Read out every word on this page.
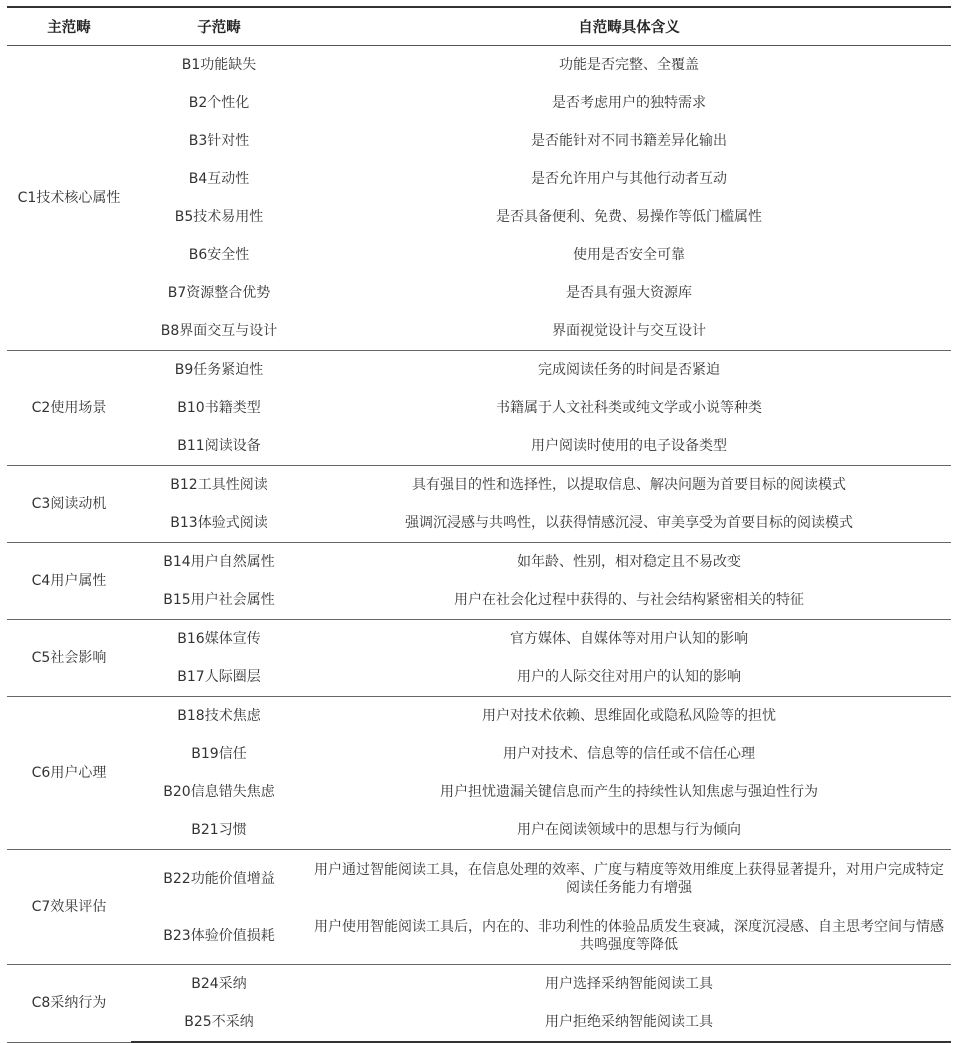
主范畴	子范畴	自范畴具体含义
C1技术核心属性	B1功能缺失	功能是否完整、全覆盖
	B2个性化	是否考虑用户的独特需求
	B3针对性	是否能针对不同书籍差异化输出
	B4互动性	是否允许用户与其他行动者互动
	B5技术易用性	是否具备便利、免费、易操作等低门槛属性
	B6安全性	使用是否安全可靠
	B7资源整合优势	是否具有强大资源库
	B8界面交互与设计	界面视觉设计与交互设计
C2使用场景	B9任务紧迫性	完成阅读任务的时间是否紧迫
	B10书籍类型	书籍属于人文社科类或纯文学或小说等种类
	B11阅读设备	用户阅读时使用的电子设备类型
C3阅读动机	B12工具性阅读	具有强目的性和选择性，以提取信息、解决问题为首要目标的阅读模式
	B13体验式阅读	强调沉浸感与共鸣性，以获得情感沉浸、审美享受为首要目标的阅读模式
C4用户属性	B14用户自然属性	如年龄、性别，相对稳定且不易改变
	B15用户社会属性	用户在社会化过程中获得的、与社会结构紧密相关的特征
C5社会影响	B16媒体宣传	官方媒体、自媒体等对用户认知的影响
	B17人际圈层	用户的人际交往对用户的认知的影响
C6用户心理	B18技术焦虑	用户对技术依赖、思维固化或隐私风险等的担忧
	B19信任	用户对技术、信息等的信任或不信任心理
	B20信息错失焦虑	用户担忧遗漏关键信息而产生的持续性认知焦虑与强迫性行为
	B21习惯	用户在阅读领域中的思想与行为倾向
C7效果评估	B22功能价值增益	用户通过智能阅读工具，在信息处理的效率、广度与精度等效用维度上获得显著提升，对用户完成特定阅读任务能力有增强
	B23体验价值损耗	用户使用智能阅读工具后，内在的、非功利性的体验品质发生衰减，深度沉浸感、自主思考空间与情感共鸣强度等降低
C8采纳行为	B24采纳	用户选择采纳智能阅读工具
	B25不采纳	用户拒绝采纳智能阅读工具
